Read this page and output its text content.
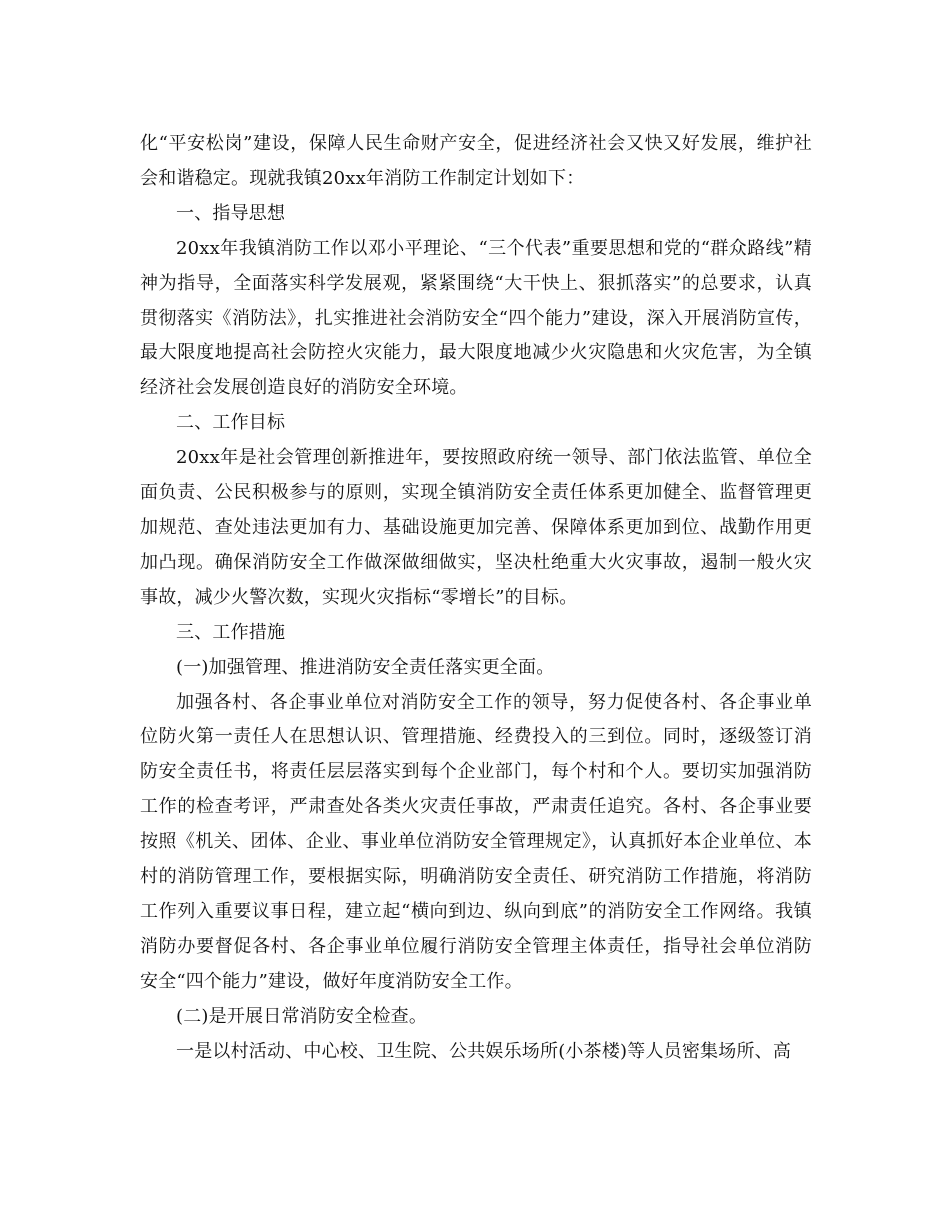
化“平安松岗”建设，保障人民生命财产安全，促进经济社会又快又好发展，维护社会和谐稳定。现就我镇20xx年消防工作制定计划如下：

一、指导思想

20xx年我镇消防工作以邓小平理论、“三个代表”重要思想和党的“群众路线”精神为指导，全面落实科学发展观，紧紧围绕“大干快上、狠抓落实”的总要求，认真贯彻落实《消防法》，扎实推进社会消防安全“四个能力”建设，深入开展消防宣传，最大限度地提高社会防控火灾能力，最大限度地减少火灾隐患和火灾危害，为全镇经济社会发展创造良好的消防安全环境。

二、工作目标

20xx年是社会管理创新推进年，要按照政府统一领导、部门依法监管、单位全面负责、公民积极参与的原则，实现全镇消防安全责任体系更加健全、监督管理更加规范、查处违法更加有力、基础设施更加完善、保障体系更加到位、战勤作用更加凸现。确保消防安全工作做深做细做实，坚决杜绝重大火灾事故，遏制一般火灾事故，减少火警次数，实现火灾指标“零增长”的目标。

三、工作措施

(一)加强管理、推进消防安全责任落实更全面。

加强各村、各企事业单位对消防安全工作的领导，努力促使各村、各企事业单位防火第一责任人在思想认识、管理措施、经费投入的三到位。同时，逐级签订消防安全责任书，将责任层层落实到每个企业部门，每个村和个人。要切实加强消防工作的检查考评，严肃查处各类火灾责任事故，严肃责任追究。各村、各企事业要按照《机关、团体、企业、事业单位消防安全管理规定》，认真抓好本企业单位、本村的消防管理工作，要根据实际，明确消防安全责任、研究消防工作措施，将消防工作列入重要议事日程，建立起“横向到边、纵向到底”的消防安全工作网络。我镇消防办要督促各村、各企事业单位履行消防安全管理主体责任，指导社会单位消防安全“四个能力”建设，做好年度消防安全工作。

(二)是开展日常消防安全检查。

一是以村活动、中心校、卫生院、公共娱乐场所(小茶楼)等人员密集场所、高
